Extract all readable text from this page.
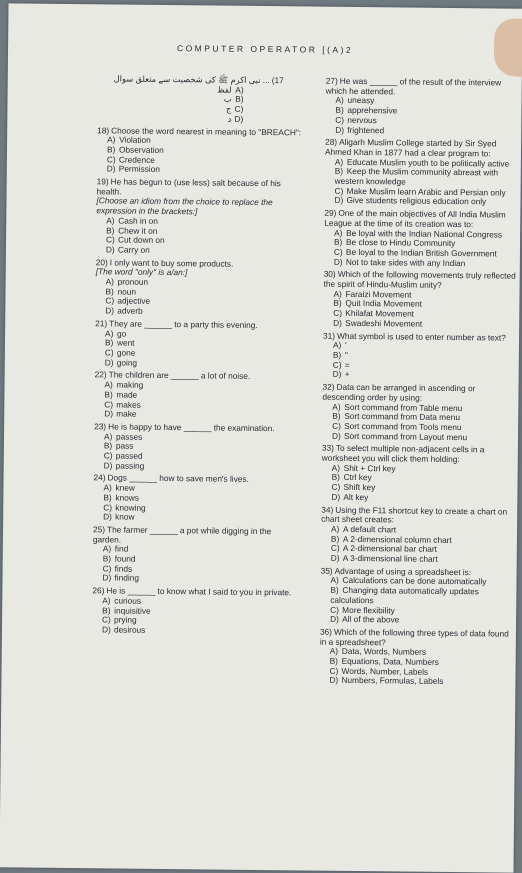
COMPUTER OPERATOR [(A)2
17)... نبی اکرم ﷺ کی شخصیت سے متعلق سوال
(Aلفظ
(Bب
(Cج
(Dد
18) Choose the word nearest in meaning to "BREACH":
A) Violation
B) Observation
C) Credence
D) Permission
19) He has begun to (use less) salt because of his health.
[Choose an idiom from the choice to replace the expression in the brackets:]
A) Cash in on
B) Chew it on
C) Cut down on
D) Carry on
20) I only want to buy some products.
[The word "only" is a/an:]
A) pronoun
B) noun
C) adjective
D) adverb
21) They are ______ to a party this evening.
A) go
B) went
C) gone
D) going
22) The children are ______ a lot of noise.
A) making
B) made
C) makes
D) make
23) He is happy to have ______ the examination.
A) passes
B) pass
C) passed
D) passing
24) Dogs ______ how to save men's lives.
A) knew
B) knows
C) knowing
D) know
25) The farmer ______ a pot while digging in the garden.
A) find
B) found
C) finds
D) finding
26) He is ______ to know what I said to you in private.
A) curious
B) inquisitive
C) prying
D) desirous
27) He was ______ of the result of the interview which he attended.
A) uneasy
B) apprehensive
C) nervous
D) frightened
28) Aligarh Muslim College started by Sir Syed Ahmed Khan in 1877 had a clear program to:
A) Educate Muslim youth to be politically active
B) Keep the Muslim community abreast with western knowledge
C) Make Muslim learn Arabic and Persian only
D) Give students religious education only
29) One of the main objectives of All India Muslim League at the time of its creation was to:
A) Be loyal with the Indian National Congress
B) Be close to Hindu Community
C) Be loyal to the Indian British Government
D) Not to take sides with any Indian
30) Which of the following movements truly reflected the spirit of Hindu-Muslim unity?
A) Faraizi Movement
B) Quit India Movement
C) Khilafat Movement
D) Swadeshi Movement
31) What symbol is used to enter number as text?
A) '
B) "
C) =
D) +
32) Data can be arranged in ascending or descending order by using:
A) Sort command from Table menu
B) Sort command from Data menu
C) Sort command from Tools menu
D) Sort command from Layout menu
33) To select multiple non-adjacent cells in a worksheet you will click them holding:
A) Shit + Ctrl key
B) Ctrl key
C) Shift key
D) Alt key
34) Using the F11 shortcut key to create a chart on chart sheet creates:
A) A default chart
B) A 2-dimensional column chart
C) A 2-dimensional bar chart
D) A 3-dimensional line chart
35) Advantage of using a spreadsheet is:
A) Calculations can be done automatically
B) Changing data automatically updates calculations
C) More flexibility
D) All of the above
36) Which of the following three types of data found in a spreadsheet?
A) Data, Words, Numbers
B) Equations, Data, Numbers
C) Words, Number, Labels
D) Numbers, Formulas, Labels
